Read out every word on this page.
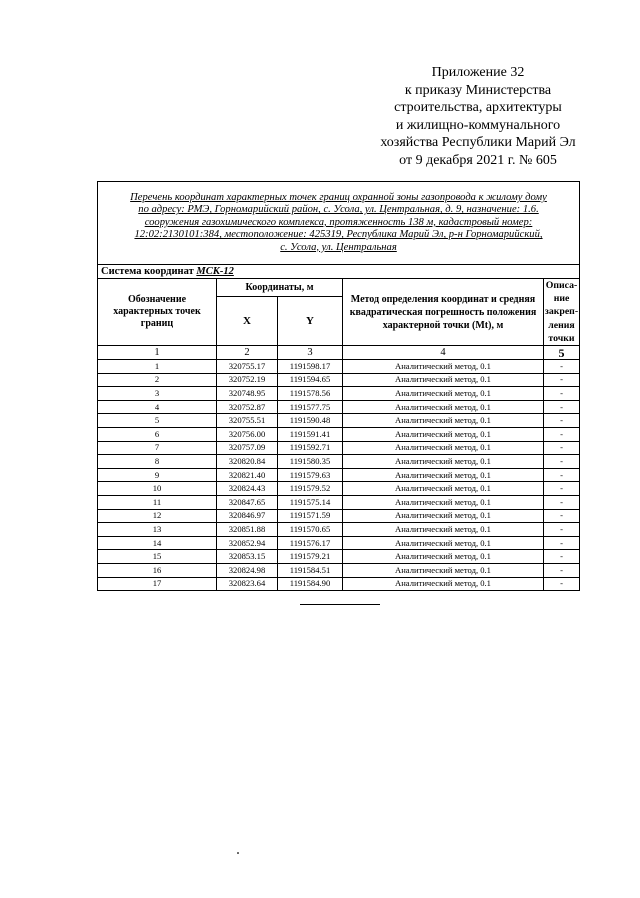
Приложение 32
к приказу Министерства
строительства, архитектуры
и жилищно-коммунального
хозяйства Республики Марий Эл
от 9 декабря 2021 г. № 605
Перечень координат характерных точек границ охранной зоны газопровода к жилому дому
по адресу: РМЭ, Горномарийский район, с. Усола, ул. Центральная, д. 9, назначение: 1.6.
сооружения газохимического комплекса, протяженность 138 м, кадастровый номер:
12:02:2130101:384, местоположение: 425319, Республика Марий Эл, р-н Горномарийский,
с. Усола, ул. Центральная				

Система координат МСК-12				
Обозначение характерных точек границ	Координаты, м		Метод определения координат и средняя квадратическая погрешность положения характерной точки (Мt), м	Описа-ние закреп-ления точки
	X	Y		
1	2	3	4	5
1	320755.17	1191598.17	Аналитический метод, 0.1	-
2	320752.19	1191594.65	Аналитический метод, 0.1	-
3	320748.95	1191578.56	Аналитический метод, 0.1	-
4	320752.87	1191577.75	Аналитический метод, 0.1	-
5	320755.51	1191590.48	Аналитический метод, 0.1	-
6	320756.00	1191591.41	Аналитический метод, 0.1	-
7	320757.09	1191592.71	Аналитический метод, 0.1	-
8	320820.84	1191580.35	Аналитический метод, 0.1	-
9	320821.40	1191579.63	Аналитический метод, 0.1	-
10	320824.43	1191579.52	Аналитический метод, 0.1	-
11	320847.65	1191575.14	Аналитический метод, 0.1	-
12	320846.97	1191571.59	Аналитический метод, 0.1	-
13	320851.88	1191570.65	Аналитический метод, 0.1	-
14	320852.94	1191576.17	Аналитический метод, 0.1	-
15	320853.15	1191579.21	Аналитический метод, 0.1	-
16	320824.98	1191584.51	Аналитический метод, 0.1	-
17	320823.64	1191584.90	Аналитический метод, 0.1	-
